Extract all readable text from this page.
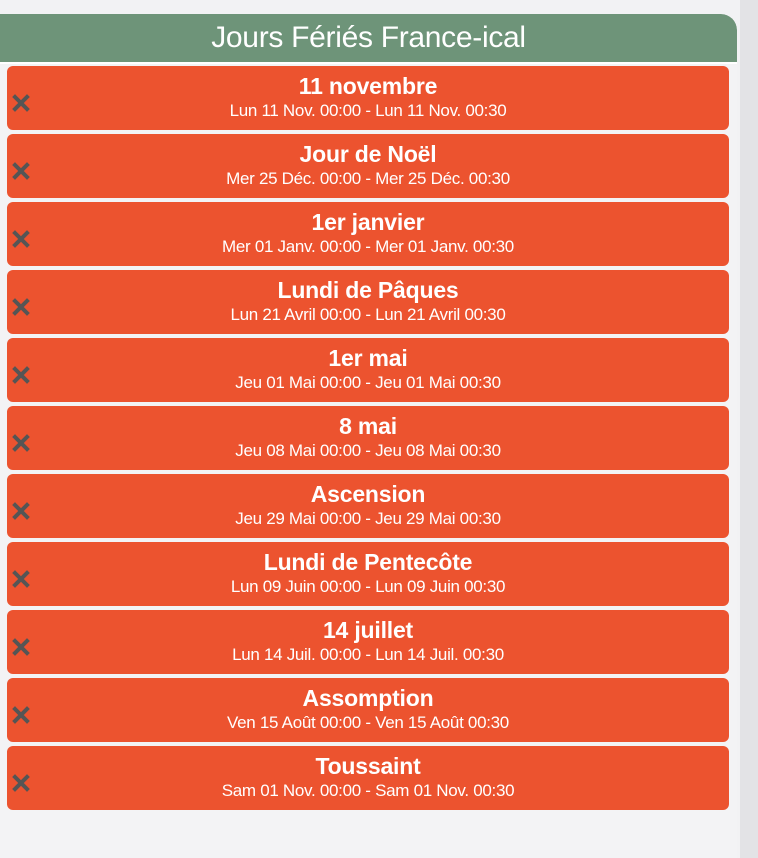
Jours Fériés France-ical
11 novembre
Lun 11 Nov. 00:00 - Lun 11 Nov. 00:30
Jour de Noël
Mer 25 Déc. 00:00 - Mer 25 Déc. 00:30
1er janvier
Mer 01 Janv. 00:00 - Mer 01 Janv. 00:30
Lundi de Pâques
Lun 21 Avril 00:00 - Lun 21 Avril 00:30
1er mai
Jeu 01 Mai 00:00 - Jeu 01 Mai 00:30
8 mai
Jeu 08 Mai 00:00 - Jeu 08 Mai 00:30
Ascension
Jeu 29 Mai 00:00 - Jeu 29 Mai 00:30
Lundi de Pentecôte
Lun 09 Juin 00:00 - Lun 09 Juin 00:30
14 juillet
Lun 14 Juil. 00:00 - Lun 14 Juil. 00:30
Assomption
Ven 15 Août 00:00 - Ven 15 Août 00:30
Toussaint
Sam 01 Nov. 00:00 - Sam 01 Nov. 00:30
